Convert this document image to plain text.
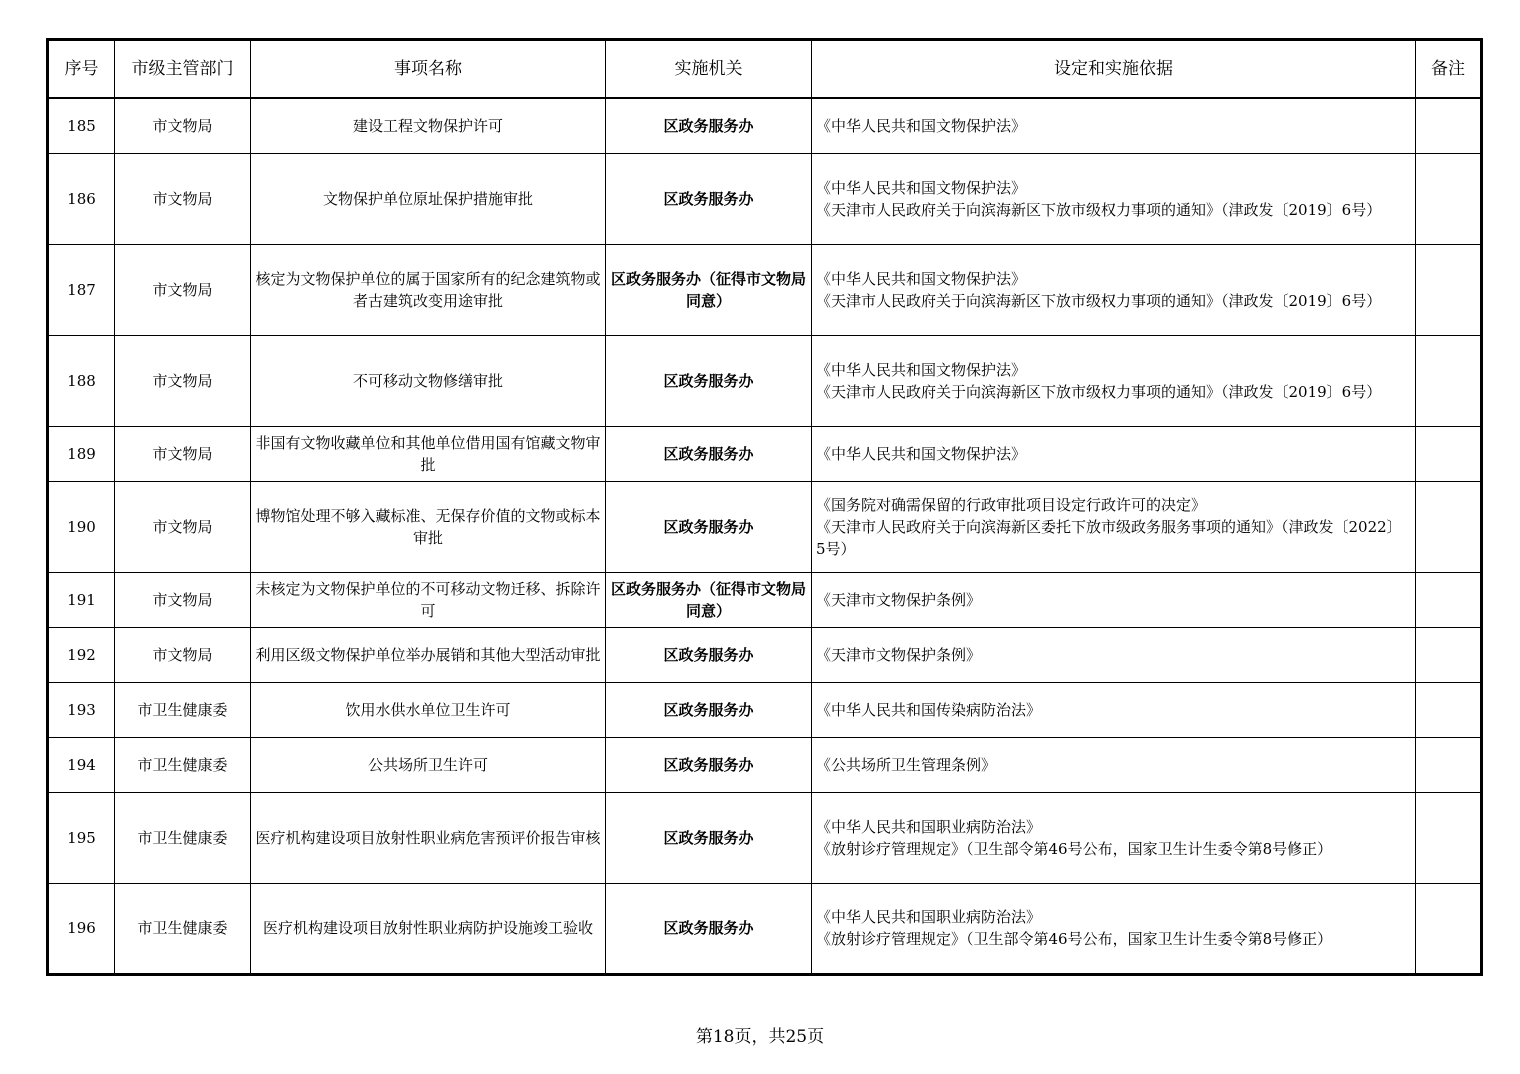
序号	市级主管部门	事项名称	实施机关	设定和实施依据	备注
185	市文物局	建设工程文物保护许可	区政务服务办	《中华人民共和国文物保护法》	

186	市文物局	文物保护单位原址保护措施审批	区政务服务办	《中华人民共和国文物保护法》
《天津市人民政府关于向滨海新区下放市级权力事项的通知》（津政发〔2019〕6号）	

187	市文物局	核定为文物保护单位的属于国家所有的纪念建筑物或者古建筑改变用途审批	区政务服务办（征得市文物局同意）	《中华人民共和国文物保护法》
《天津市人民政府关于向滨海新区下放市级权力事项的通知》（津政发〔2019〕6号）	

188	市文物局	不可移动文物修缮审批	区政务服务办	《中华人民共和国文物保护法》
《天津市人民政府关于向滨海新区下放市级权力事项的通知》（津政发〔2019〕6号）	

189	市文物局	非国有文物收藏单位和其他单位借用国有馆藏文物审批	区政务服务办	《中华人民共和国文物保护法》	

190	市文物局	博物馆处理不够入藏标准、无保存价值的文物或标本审批	区政务服务办	《国务院对确需保留的行政审批项目设定行政许可的决定》
《天津市人民政府关于向滨海新区委托下放市级政务服务事项的通知》（津政发〔2022〕5号）	

191	市文物局	未核定为文物保护单位的不可移动文物迁移、拆除许可	区政务服务办（征得市文物局同意）	《天津市文物保护条例》	

192	市文物局	利用区级文物保护单位举办展销和其他大型活动审批	区政务服务办	《天津市文物保护条例》	

193	市卫生健康委	饮用水供水单位卫生许可	区政务服务办	《中华人民共和国传染病防治法》	

194	市卫生健康委	公共场所卫生许可	区政务服务办	《公共场所卫生管理条例》	

195	市卫生健康委	医疗机构建设项目放射性职业病危害预评价报告审核	区政务服务办	《中华人民共和国职业病防治法》
《放射诊疗管理规定》（卫生部令第46号公布，国家卫生计生委令第8号修正）	

196	市卫生健康委	医疗机构建设项目放射性职业病防护设施竣工验收	区政务服务办	《中华人民共和国职业病防治法》
《放射诊疗管理规定》（卫生部令第46号公布，国家卫生计生委令第8号修正）	

第18页，共25页
